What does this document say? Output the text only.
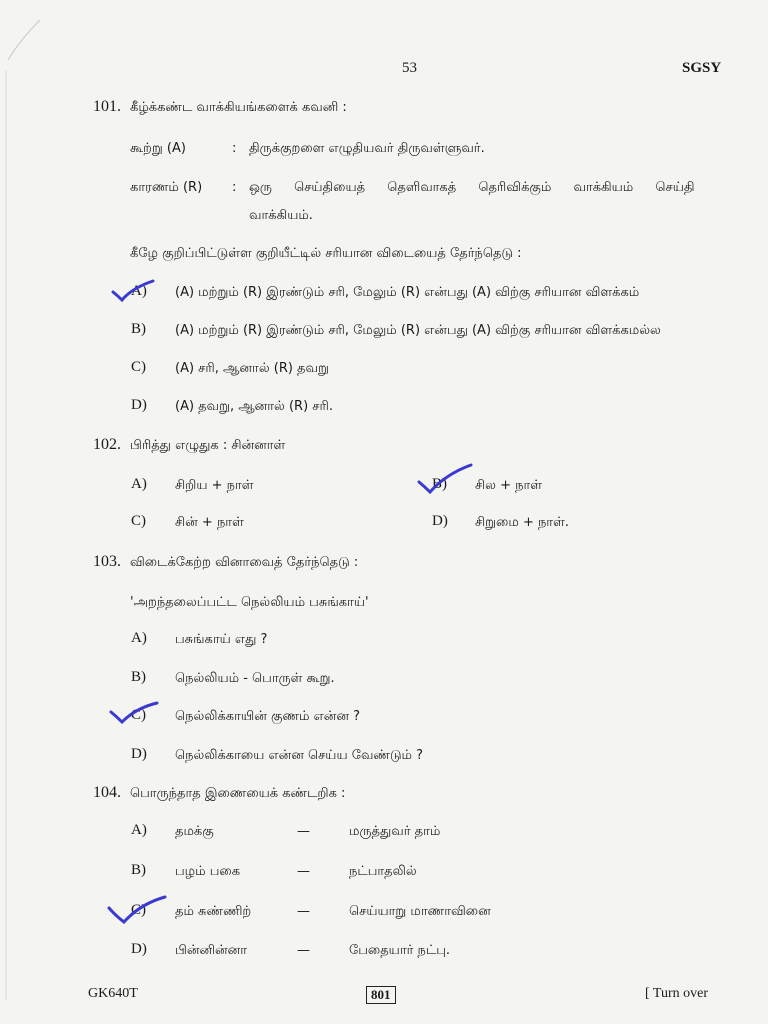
53	SGSY
101. கீழ்க்கண்ட வாக்கியங்களைக் கவனி :
கூற்று (A)	: திருக்குறளை எழுதியவர் திருவள்ளுவர்.
காரணம் (R) : ஒரு செய்தியைத் தெளிவாகத் தெரிவிக்கும் வாக்கியம் செய்தி
வாக்கியம்.
கீழே குறிப்பிட்டுள்ள குறியீட்டில் சரியான விடையைத் தேர்ந்தெடு :
A) (A) மற்றும் (R) இரண்டும் சரி, மேலும் (R) என்பது (A) விற்கு சரியான விளக்கம்
B) (A) மற்றும் (R) இரண்டும் சரி, மேலும் (R) என்பது (A) விற்கு சரியான விளக்கமல்ல
C) (A) சரி, ஆனால் (R) தவறு
D) (A) தவறு, ஆனால் (R) சரி.
102. பிரித்து எழுதுக : சின்னாள்
A) சிறிய + நாள்	B) சில + நாள்
C) சின் + நாள்	D) சிறுமை + நாள்.
103. விடைக்கேற்ற வினாவைத் தேர்ந்தெடு :
'அறந்தலைப்பட்ட நெல்லியம் பசுங்காய்'
A) பசுங்காய் எது ?
B) நெல்லியம் - பொருள் கூறு.
C) நெல்லிக்காயின் குணம் என்ன ?
D) நெல்லிக்காயை என்ன செய்ய வேண்டும் ?
104. பொருந்தாத இணையைக் கண்டறிக :
A) தமக்கு	—	மருத்துவர் தாம்
B) பழம் பகை	—	நட்பாதலில்
C) தம் சுண்ணிற்	—	செய்யாறு மாணாவினை
D) பின்னின்னா	—	பேதையார் நட்பு.
GK640T	801	[ Turn over
